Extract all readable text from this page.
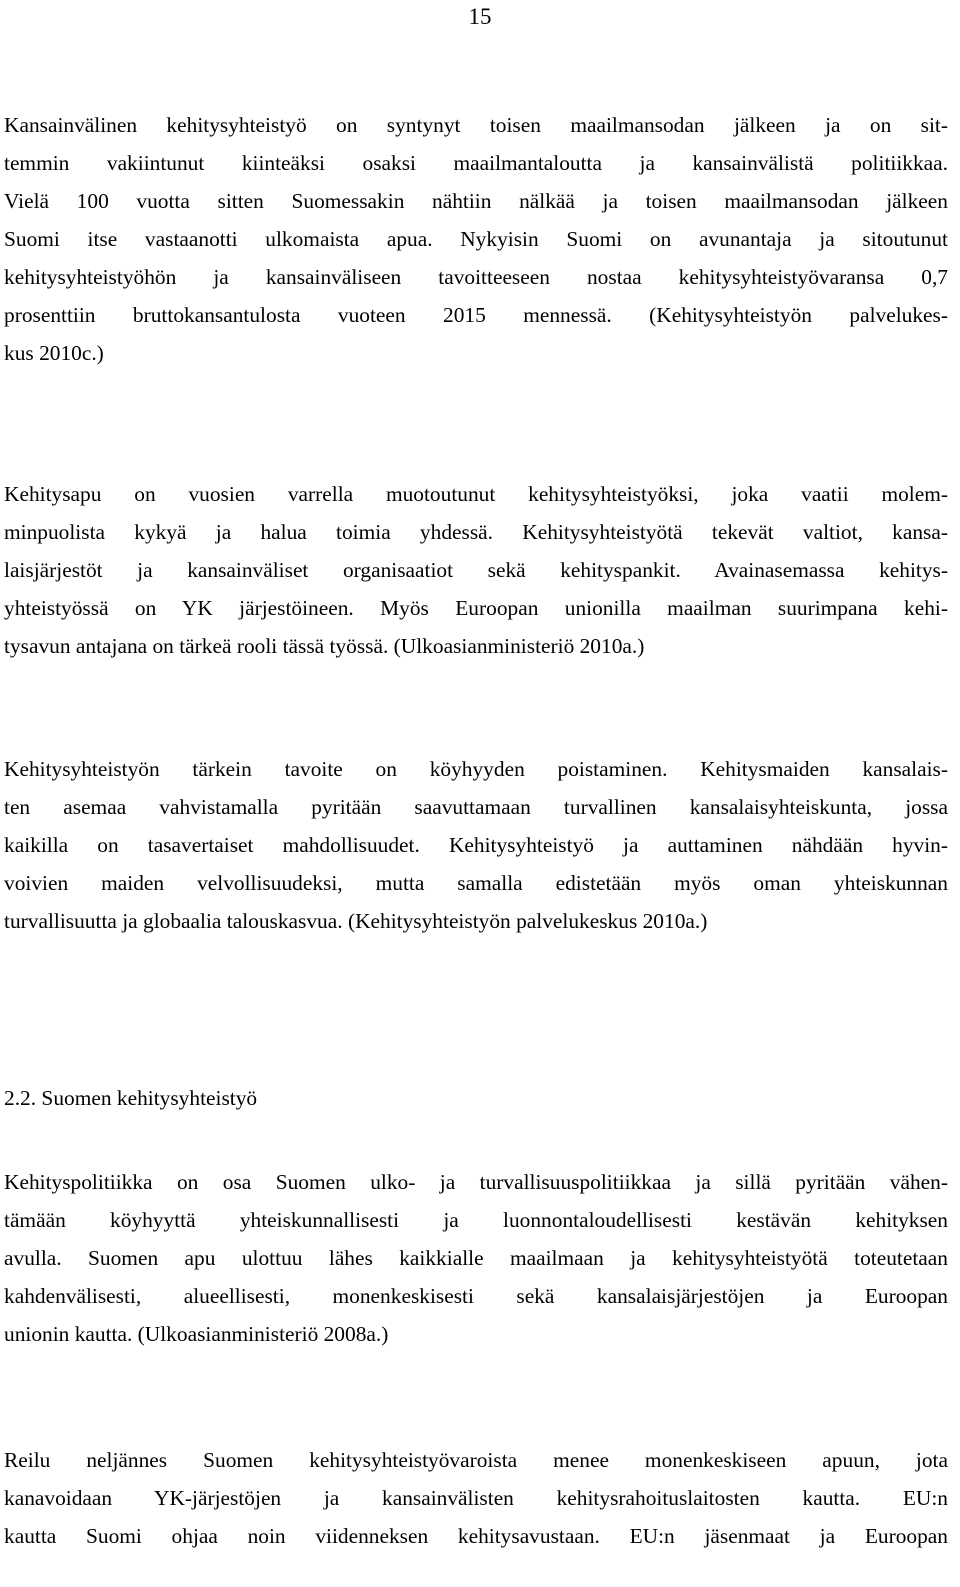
15
Kansainvälinen kehitysyhteistyö on syntynyt toisen maailmansodan jälkeen ja on sit-
temmin vakiintunut kiinteäksi osaksi maailmantaloutta ja kansainvälistä politiikkaa.
Vielä 100 vuotta sitten Suomessakin nähtiin nälkää ja toisen maailmansodan jälkeen
Suomi itse vastaanotti ulkomaista apua. Nykyisin Suomi on avunantaja ja sitoutunut
kehitysyhteistyöhön ja kansainväliseen tavoitteeseen nostaa kehitysyhteistyövaransa 0,7
prosenttiin bruttokansantulosta vuoteen 2015 mennessä. (Kehitysyhteistyön palvelukes-
kus 2010c.)
Kehitysapu on vuosien varrella muotoutunut kehitysyhteistyöksi, joka vaatii molem-
minpuolista kykyä ja halua toimia yhdessä. Kehitysyhteistyötä tekevät valtiot, kansa-
laisjärjestöt ja kansainväliset organisaatiot sekä kehityspankit. Avainasemassa kehitys-
yhteistyössä on YK järjestöineen. Myös Euroopan unionilla maailman suurimpana kehi-
tysavun antajana on tärkeä rooli tässä työssä. (Ulkoasianministeriö 2010a.)
Kehitysyhteistyön tärkein tavoite on köyhyyden poistaminen. Kehitysmaiden kansalais-
ten asemaa vahvistamalla pyritään saavuttamaan turvallinen kansalaisyhteiskunta, jossa
kaikilla on tasavertaiset mahdollisuudet. Kehitysyhteistyö ja auttaminen nähdään hyvin-
voivien maiden velvollisuudeksi, mutta samalla edistetään myös oman yhteiskunnan
turvallisuutta ja globaalia talouskasvua. (Kehitysyhteistyön palvelukeskus 2010a.)
2.2. Suomen kehitysyhteistyö
Kehityspolitiikka on osa Suomen ulko- ja turvallisuuspolitiikkaa ja sillä pyritään vähen-
tämään köyhyyttä yhteiskunnallisesti ja luonnontaloudellisesti kestävän kehityksen
avulla. Suomen apu ulottuu lähes kaikkialle maailmaan ja kehitysyhteistyötä toteutetaan
kahdenvälisesti, alueellisesti, monenkeskisesti sekä kansalaisjärjestöjen ja Euroopan
unionin kautta. (Ulkoasianministeriö 2008a.)
Reilu neljännes Suomen kehitysyhteistyövaroista menee monenkeskiseen apuun, jota
kanavoidaan YK-järjestöjen ja kansainvälisten kehitysrahoituslaitosten kautta. EU:n
kautta Suomi ohjaa noin viidenneksen kehitysavustaan. EU:n jäsenmaat ja Euroopan
